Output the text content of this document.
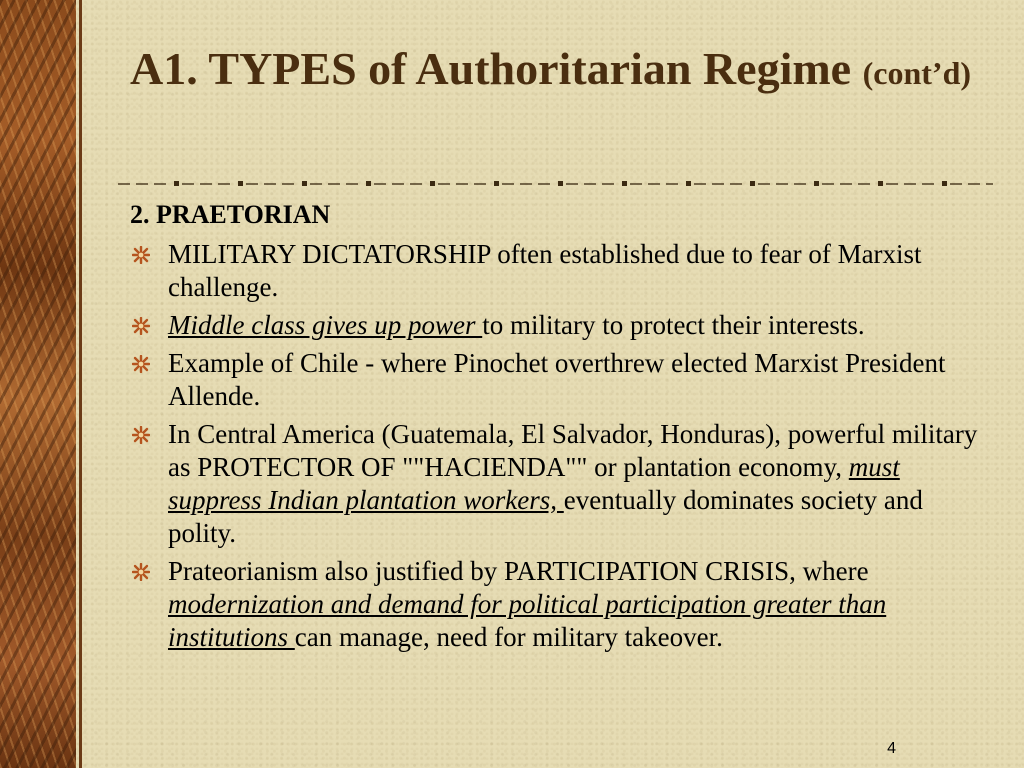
A1. TYPES of Authoritarian Regime (cont’d)
2. PRAETORIAN
MILITARY DICTATORSHIP often established due to fear of Marxist challenge.
Middle class gives up power to military to protect their interests.
Example of Chile - where Pinochet overthrew elected Marxist President Allende.
In Central America (Guatemala, El Salvador, Honduras), powerful military as PROTECTOR OF ""HACIENDA"" or plantation economy, must suppress Indian plantation workers, eventually dominates society and polity.
Prateorianism also justified by PARTICIPATION CRISIS, where modernization and demand for political participation greater than institutions can manage, need for military takeover.
4
